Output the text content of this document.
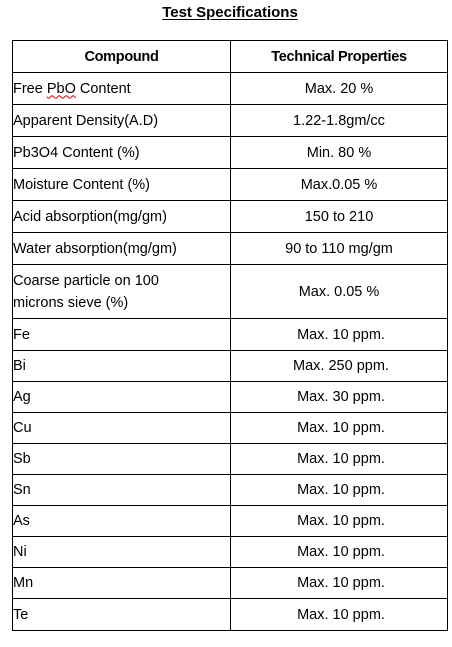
Test Specifications
Compound	Technical Properties
Free PbO Content	Max. 20 %
Apparent Density(A.D)	1.22-1.8gm/cc
Pb3O4 Content (%)	Min. 80 %
Moisture Content (%)	Max.0.05 %
Acid absorption(mg/gm)	150 to 210
Water absorption(mg/gm)	90 to 110 mg/gm
Coarse particle on 100
microns sieve (%)	Max. 0.05 %
Fe	Max. 10 ppm.
Bi	Max. 250 ppm.
Ag	Max. 30 ppm.
Cu	Max. 10 ppm.
Sb	Max. 10 ppm.
Sn	Max. 10 ppm.
As	Max. 10 ppm.
Ni	Max. 10 ppm.
Mn	Max. 10 ppm.
Te	Max. 10 ppm.
